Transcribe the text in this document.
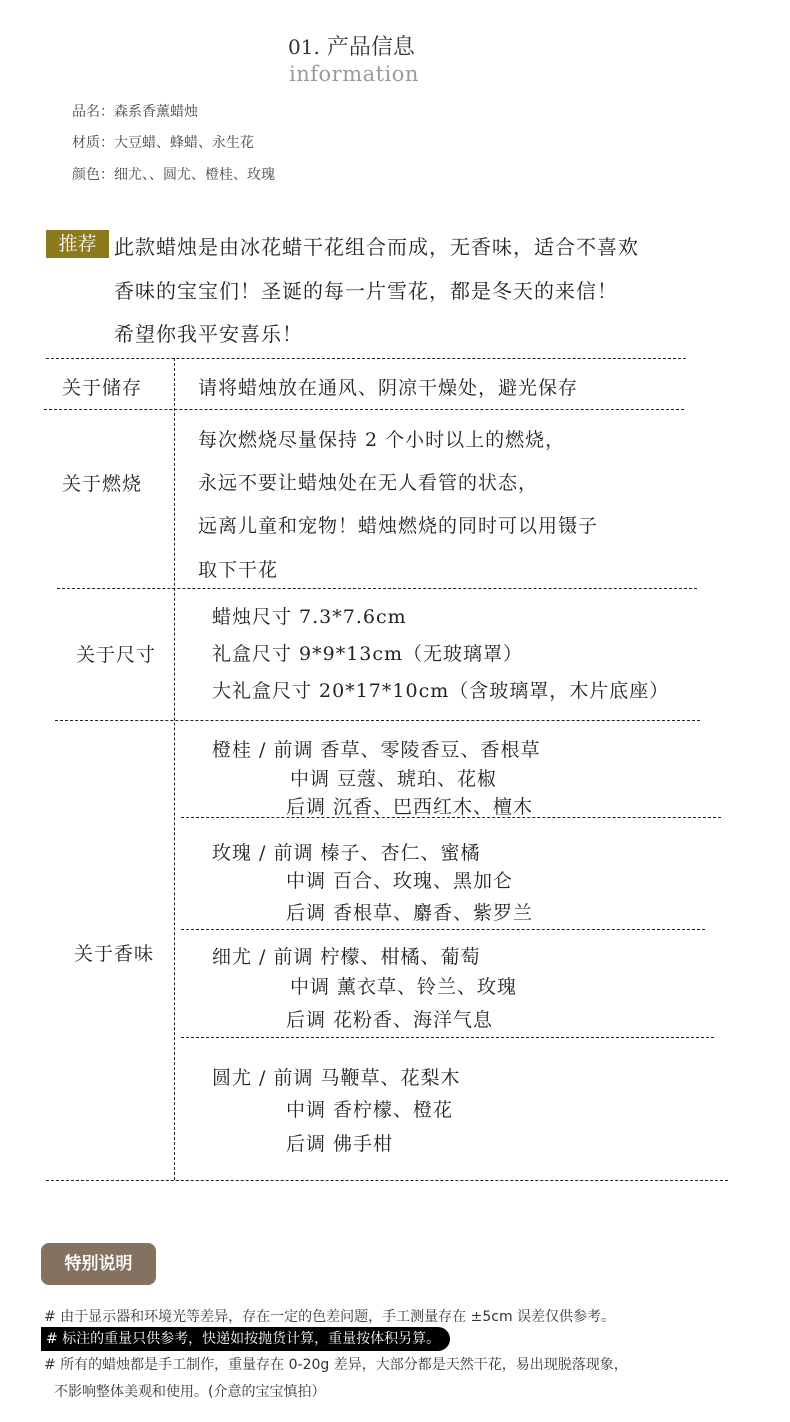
01. 产品信息
information
品名：森系香薰蜡烛
材质：大豆蜡、蜂蜡、永生花
颜色：细尤、、圆尤、橙桂、玫瑰
推荐 此款蜡烛是由冰花蜡干花组合而成，无香味，适合不喜欢
香味的宝宝们！圣诞的每一片雪花，都是冬天的来信！
希望你我平安喜乐！
关于储存	请将蜡烛放在通风、阴凉干燥处，避光保存
关于燃烧
每次燃烧尽量保持 2 个小时以上的燃烧，
永远不要让蜡烛处在无人看管的状态，
远离儿童和宠物！蜡烛燃烧的同时可以用镊子
取下干花
关于尺寸
蜡烛尺寸 7.3*7.6cm
礼盒尺寸 9*9*13cm（无玻璃罩）
大礼盒尺寸 20*17*10cm（含玻璃罩，木片底座）
关于香味
橙桂 / 前调 香草、零陵香豆、香根草
中调 豆蔻、琥珀、花椒
后调 沉香、巴西红木、檀木
玫瑰 / 前调 榛子、杏仁、蜜橘
中调 百合、玫瑰、黑加仑
后调 香根草、麝香、紫罗兰
细尤 / 前调 柠檬、柑橘、葡萄
中调 薰衣草、铃兰、玫瑰
后调 花粉香、海洋气息
圆尤 / 前调 马鞭草、花梨木
中调 香柠檬、橙花
后调 佛手柑
特别说明
# 由于显示器和环境光等差异，存在一定的色差问题，手工测量存在 ±5cm 误差仅供参考。
# 标注的重量只供参考，快递如按抛货计算，重量按体积另算。
# 所有的蜡烛都是手工制作，重量存在 0-20g 差异，大部分都是天然干花，易出现脱落现象，
不影响整体美观和使用。(介意的宝宝慎拍）
